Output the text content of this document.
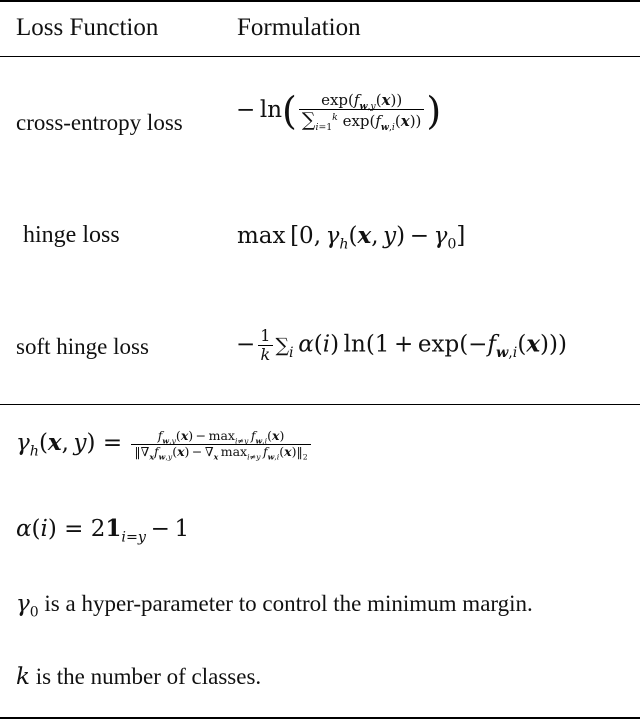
Loss Function	Formulation
cross-entropy loss − $\ln( \frac{\exp(f_{w,y}(x))}{\sum_{i=1}^k \exp(f_{w,i}(x))}$ )
hinge loss	max [0, $\gamma_h(x$, $y) - \gamma_0$]
soft hinge loss	− $\frac{1}{k} \sum_i$  α(i) $\ln(1 + \exp(-f_{w,i}(x)))$
$\gamma_h(x$, $y) = \frac{f_{w,y}(x) - \max_{i\ne y} f_{w,i}(x)}{‖\nabla_xf_{w,y}(x) - \nabla_x \max_{i\ne y} f_{w,i}(x)‖_2}$
$\alpha(i) = 21_{i=y} - 1$
$\gamma_0$ is a hyper-parameter to control the minimum margin.
k is the number of classes.
